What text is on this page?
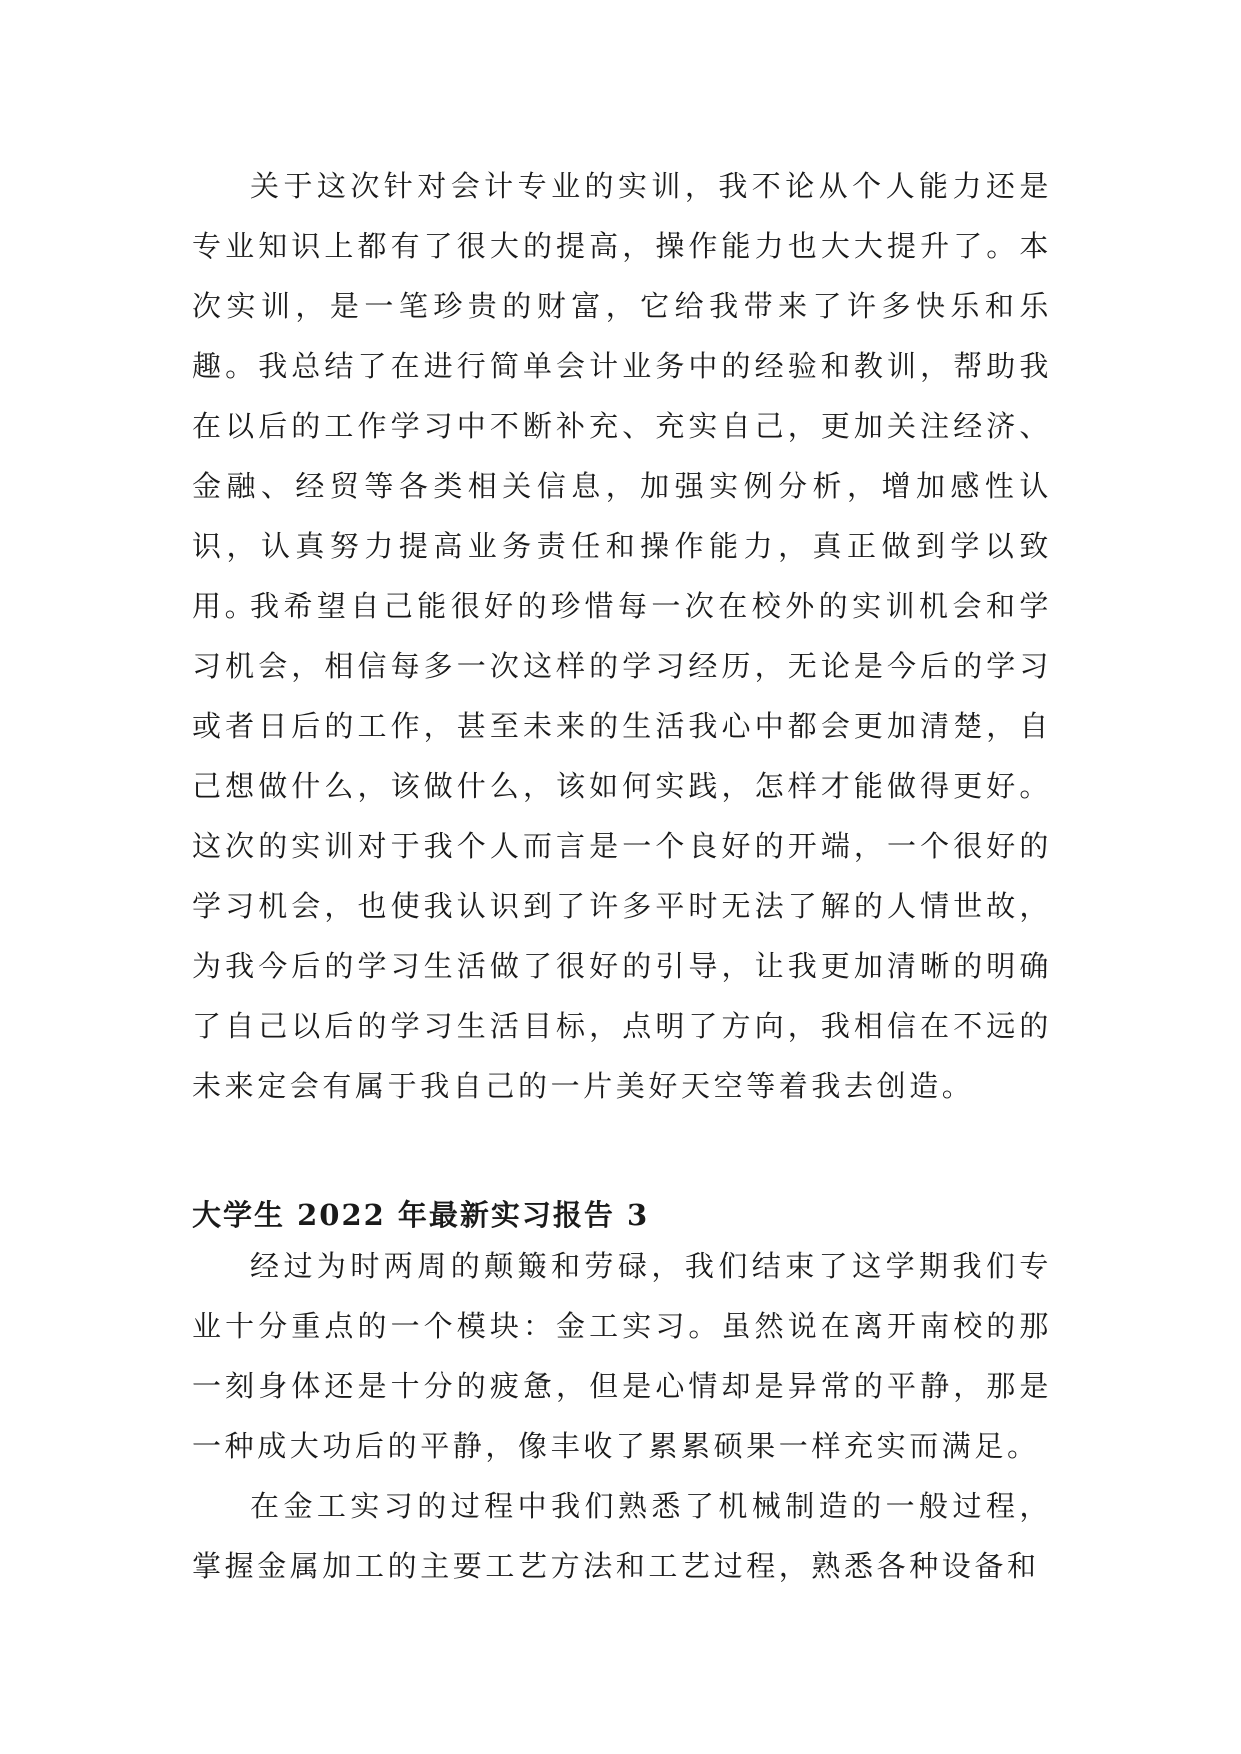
关于这次针对会计专业的实训，我不论从个人能力还是专业知识上都有了很大的提高，操作能力也大大提升了。本次实训，是一笔珍贵的财富，它给我带来了许多快乐和乐趣。我总结了在进行简单会计业务中的经验和教训，帮助我在以后的工作学习中不断补充、充实自己，更加关注经济、金融、经贸等各类相关信息，加强实例分析，增加感性认识，认真努力提高业务责任和操作能力，真正做到学以致用。

我希望自己能很好的珍惜每一次在校外的实训机会和学习机会，相信每多一次这样的学习经历，无论是今后的学习或者日后的工作，甚至未来的生活我心中都会更加清楚，自己想做什么，该做什么，该如何实践，怎样才能做得更好。这次的实训对于我个人而言是一个良好的开端，一个很好的学习机会，也使我认识到了许多平时无法了解的人情世故，为我今后的学习生活做了很好的引导，让我更加清晰的明确了自己以后的学习生活目标，点明了方向，我相信在不远的未来定会有属于我自己的一片美好天空等着我去创造。

大学生 2022 年最新实习报告 3

经过为时两周的颠簸和劳碌，我们结束了这学期我们专业十分重点的一个模块：金工实习。虽然说在离开南校的那一刻身体还是十分的疲惫，但是心情却是异常的平静，那是一种成大功后的平静，像丰收了累累硕果一样充实而满足。

在金工实习的过程中我们熟悉了机械制造的一般过程，掌握金属加工的主要工艺方法和工艺过程，熟悉各种设备和
